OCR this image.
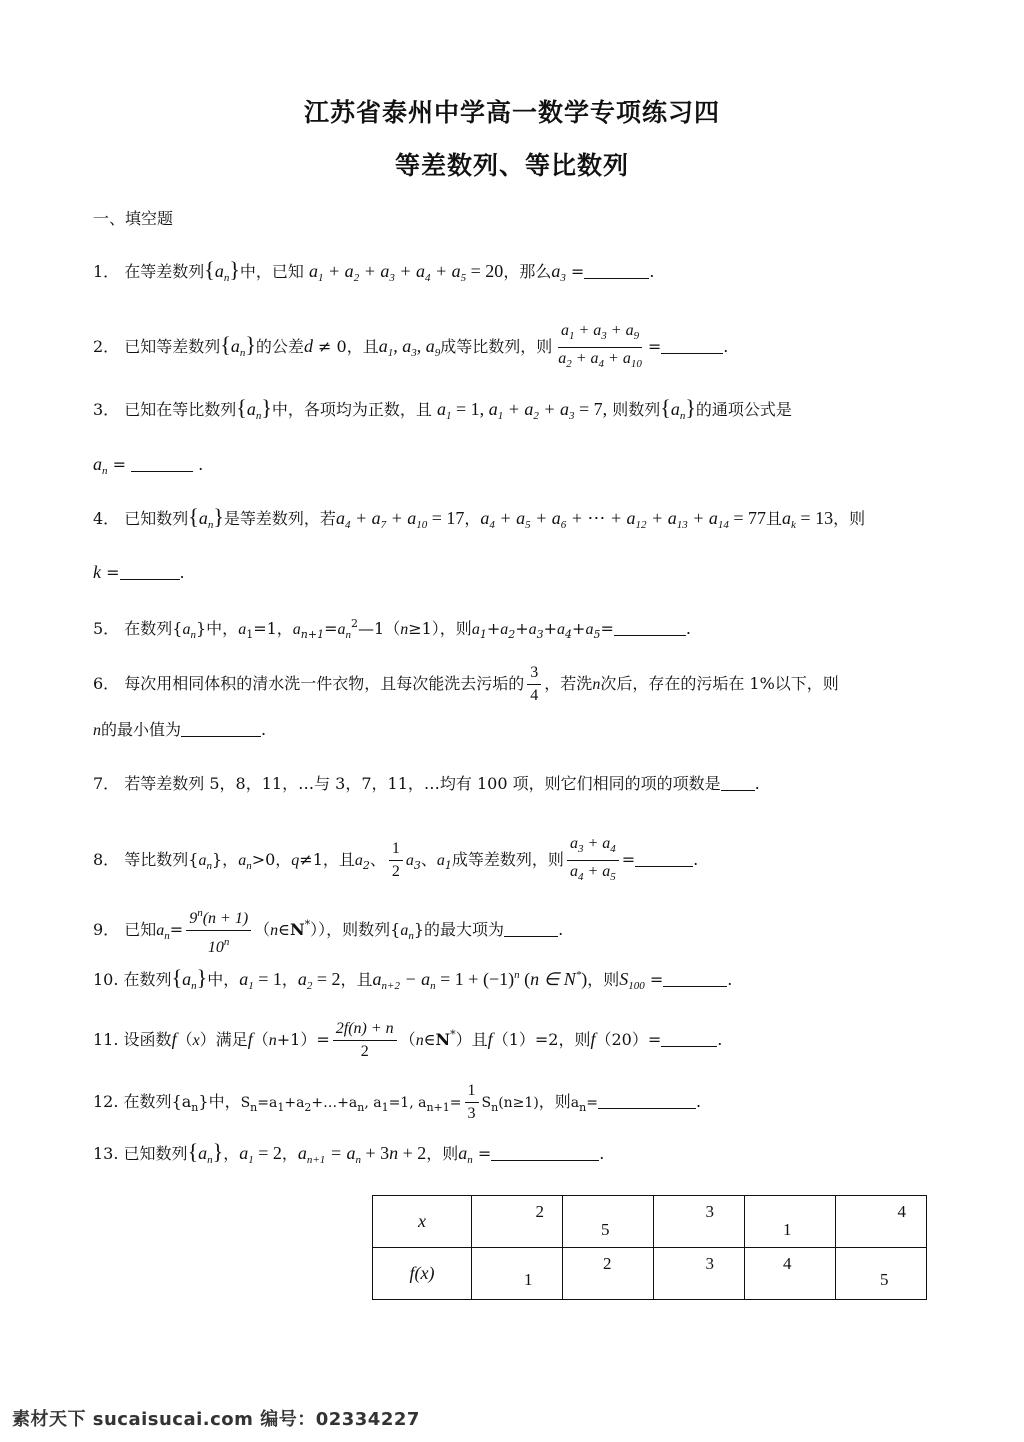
江苏省泰州中学高一数学专项练习四
等差数列、等比数列
一、填空题
1． 在等差数列$\{a_n\}$中，已知 $a_1 + a_2 + a_3 + a_4 + a_5 = 20$，那么$a_3$ =	.
2． 已知等差数列$\{a_n\}$的公差d ≠ 0，且$a_1$, $a_3$, $a_9$成等比数列，则 $\frac{a_1 + a_3 + a_9}{a_2 + a_4 + a_{10}}$ =	.
3． 已知在等比数列$\{a_n\}$中，各项均为正数，且 $a_1 = 1$, $a_1 + a_2 + a_3 = 7$, 则数列$\{a_n\}$的通项公式是
$a_n$ =	.
4． 已知数列$\{a_n\}$是等差数列，若$a_4 + a_7 + a_{10} = 17$，$a_4 + a_5 + a_6$ + ⋯ + $a_{12} + a_{13} + a_{14} = 77$且$a_k = 13$，则
k =	.
5． 在数列$\{a_n\}$中，$a_1=1$，$a_{n+1}=a_n^2—1(n\ge 1)$，则$a_1+a_2+a_3+a_4+a_5=$	.
6． 每次用相同体积的清水洗一件衣物，且每次能洗去污垢的 $\frac{3}{4}$ ，若洗n次后，存在的污垢在 1%以下，则
n的最小值为	.
7． 若等差数列 5，8，11，…与 3，7，11，…均有 100 项，则它们相同的项的项数是 .
8． 等比数列$\{a_n\}$，$a_n>0$，q≠1，且$a_2$、 $\frac{1}{2} a_3$、$a_1$成等差数列，则 $\frac{a_3 + a_4}{a_4 + a_5}$ =	.
9． 已知$a_n= \frac{9^n(n + 1)}{10^n}$ （n∈N*）），则数列$\{a_n\}$的最大项为	.
10. 在数列$\{a_n\}$中，$a_1 = 1$，$a_2 = 2$，且$a_{n+2} - a_n = 1 + (-1)^n$ (n ∈ N*)，则$S_{100}$ =	.
11. 设函数f（x）满足$f(n+1)= \frac{2f(n) + n}{2}$ （n∈N*）且f（1）=2，则f（20）=	.
12. 在数列$\{a_n\}$中，$S_n=a_1+a_2+\dots+a_n$, $a_1=1$, $a_{n+1}= \frac{1}{3} S_n(n\ge 1)$，则$a_n=$	.
13. 已知数列$\{a_n\}$，$a_1 = 2$，$a_{n+1} = a_n + 3n + 2$，则$a_n$ =	.
x	2	5	3	1	4

f(x)	1	2	3	4	5
素材天下 sucaisucai.com 编号：02334227
